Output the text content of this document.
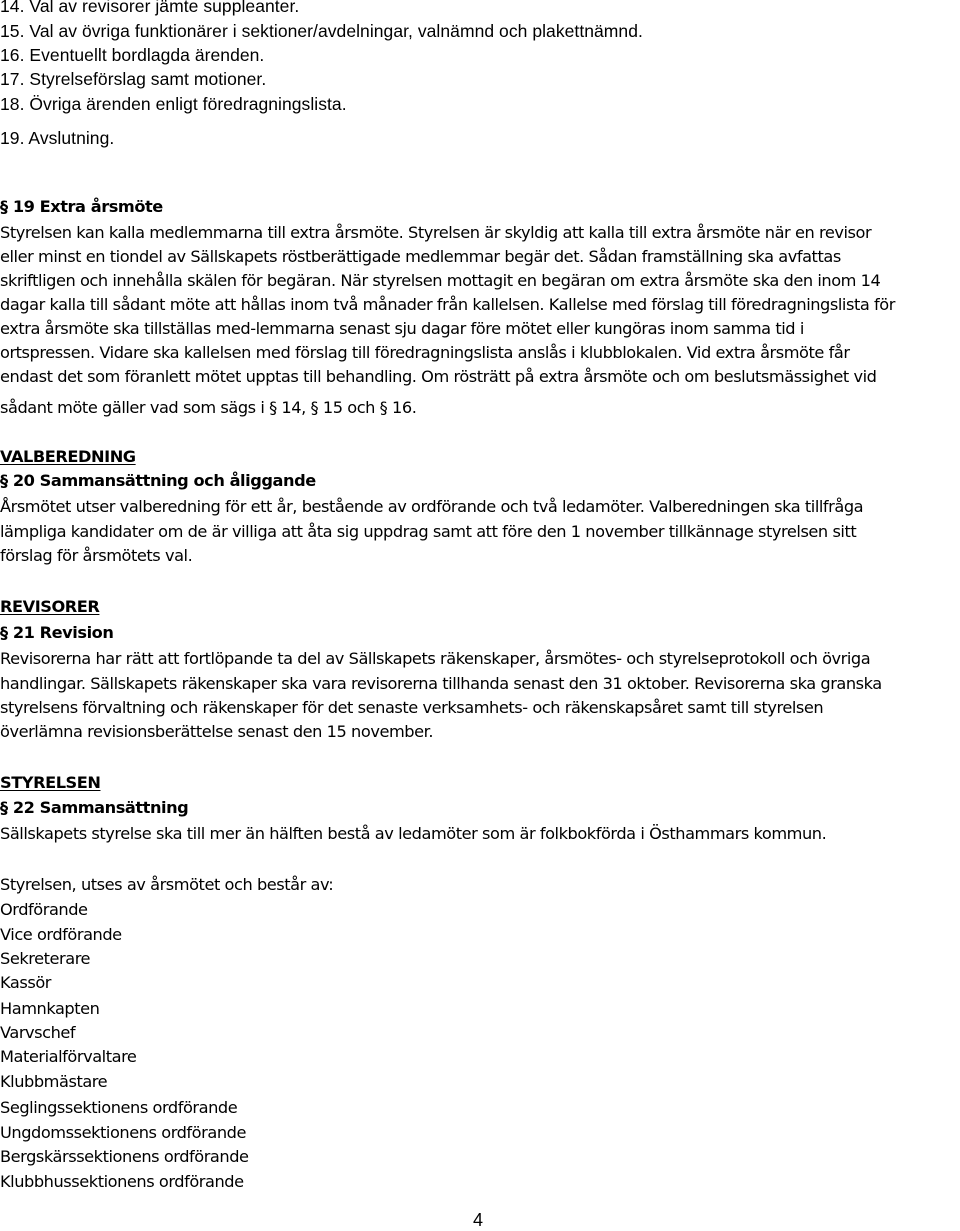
14. Val av revisorer jämte suppleanter.
15. Val av övriga funktionärer i sektioner/avdelningar, valnämnd och plakettnämnd.
16. Eventuellt bordlagda ärenden.
17. Styrelseförslag samt motioner.
18. Övriga ärenden enligt föredragningslista.
19. Avslutning.
§ 19 Extra årsmöte
Styrelsen kan kalla medlemmarna till extra årsmöte. Styrelsen är skyldig att kalla till extra årsmöte när en revisor
eller minst en tiondel av Sällskapets röstberättigade medlemmar begär det. Sådan framställning ska avfattas
skriftligen och innehålla skälen för begäran. När styrelsen mottagit en begäran om extra årsmöte ska den inom 14
dagar kalla till sådant möte att hållas inom två månader från kallelsen. Kallelse med förslag till föredragningslista för
extra årsmöte ska tillställas med-lemmarna senast sju dagar före mötet eller kungöras inom samma tid i
ortspressen. Vidare ska kallelsen med förslag till föredragningslista anslås i klubblokalen. Vid extra årsmöte får
endast det som föranlett mötet upptas till behandling. Om rösträtt på extra årsmöte och om beslutsmässighet vid
sådant möte gäller vad som sägs i § 14, § 15 och § 16.
VALBEREDNING
§ 20 Sammansättning och åliggande
Årsmötet utser valberedning för ett år, bestående av ordförande och två ledamöter. Valberedningen ska tillfråga
lämpliga kandidater om de är villiga att åta sig uppdrag samt att före den 1 november tillkännage styrelsen sitt
förslag för årsmötets val.
REVISORER
§ 21 Revision
Revisorerna har rätt att fortlöpande ta del av Sällskapets räkenskaper, årsmötes- och styrelseprotokoll och övriga
handlingar. Sällskapets räkenskaper ska vara revisorerna tillhanda senast den 31 oktober. Revisorerna ska granska
styrelsens förvaltning och räkenskaper för det senaste verksamhets- och räkenskapsåret samt till styrelsen
överlämna revisionsberättelse senast den 15 november.
STYRELSEN
§ 22 Sammansättning
Sällskapets styrelse ska till mer än hälften bestå av ledamöter som är folkbokförda i Östhammars kommun.
Styrelsen, utses av årsmötet och består av:
Ordförande
Vice ordförande
Sekreterare
Kassör
Hamnkapten
Varvschef
Materialförvaltare
Klubbmästare
Seglingssektionens ordförande
Ungdomssektionens ordförande
Bergskärssektionens ordförande
Klubbhussektionens ordförande
4
